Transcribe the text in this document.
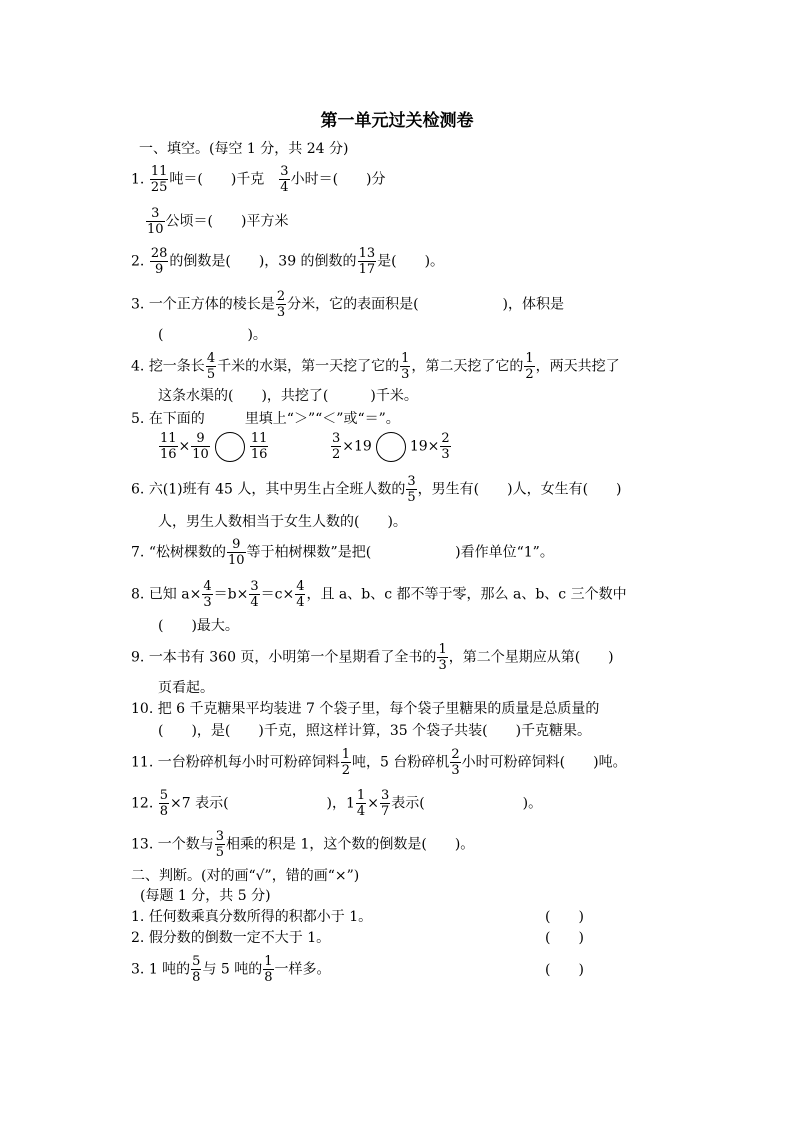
第一单元过关检测卷
一、填空。(每空 1 分，共 24 分)
1. $\frac{11}{25}$ 吨＝(　　)千克 $\frac{3}{4}$ 小时＝(　　)分
$\frac{3}{10}$ 公顷＝(　　)平方米
2. $\frac{28}{9}$ 的倒数是(　　)，39 的倒数的 $\frac{13}{17}$ 是(　　)。
3. 一个正方体的棱长是 $\frac{2}{3}$ 分米，它的表面积是(　　　　　　)，体积是
(　　　　　　)。
4. 挖一条长 $\frac{4}{5}$ 千米的水渠，第一天挖了它的 $\frac{1}{3}$ ，第二天挖了它的 $\frac{1}{2}$ ，两天共挖了
这条水渠的(　　)，共挖了(　　　)千米。
5. 在下面的	里填上“＞”“＜”或“＝”。
$\frac{11}{16} \times \frac{9}{10}$	$\frac{11}{16}$	$\frac{3}{2} \times 19$	$19\times \frac{2}{3}$
6. 六(1)班有 45 人，其中男生占全班人数的 $\frac{3}{5}$ ，男生有(　　)人，女生有(　　)
人，男生人数相当于女生人数的(　　)。
7. “松树棵数的 $\frac{9}{10}$ 等于柏树棵数”是把(　　　　　　)看作单位“1”。
8. 已知 $a\times \frac{4}{3} =b\times \frac{3}{4} =c\times \frac{4}{4}$ ，且 a、b、c 都不等于零，那么 a、b、c 三个数中
(　　)最大。
9. 一本书有 360 页，小明第一个星期看了全书的 $\frac{1}{3}$ ，第二个星期应从第(　　)
页看起。
10. 把 6 千克糖果平均装进 7 个袋子里，每个袋子里糖果的质量是总质量的
(　　)，是(　　)千克，照这样计算，35 个袋子共装(　　)千克糖果。
11. 一台粉碎机每小时可粉碎饲料 $\frac{1}{2}$ 吨，5 台粉碎机 $\frac{2}{3}$ 小时可粉碎饲料(　　)吨。
12. $\frac{5}{8} \times 7$ 表示(　　　　　　　)，$1 \frac{1}{4} \times \frac{3}{7}$ 表示(　　　　　　　)。
13. 一个数与 $\frac{3}{5}$ 相乘的积是 1，这个数的倒数是(　　)。
二、判断。(对的画“√”，错的画“×”)
(每题 1 分，共 5 分)
1. 任何数乘真分数所得的积都小于 1。	(　　)
2. 假分数的倒数一定不大于 1。	(　　)
3. 1 吨的 $\frac{5}{8}$ 与 5 吨的 $\frac{1}{8}$ 一样多。	(　　)
